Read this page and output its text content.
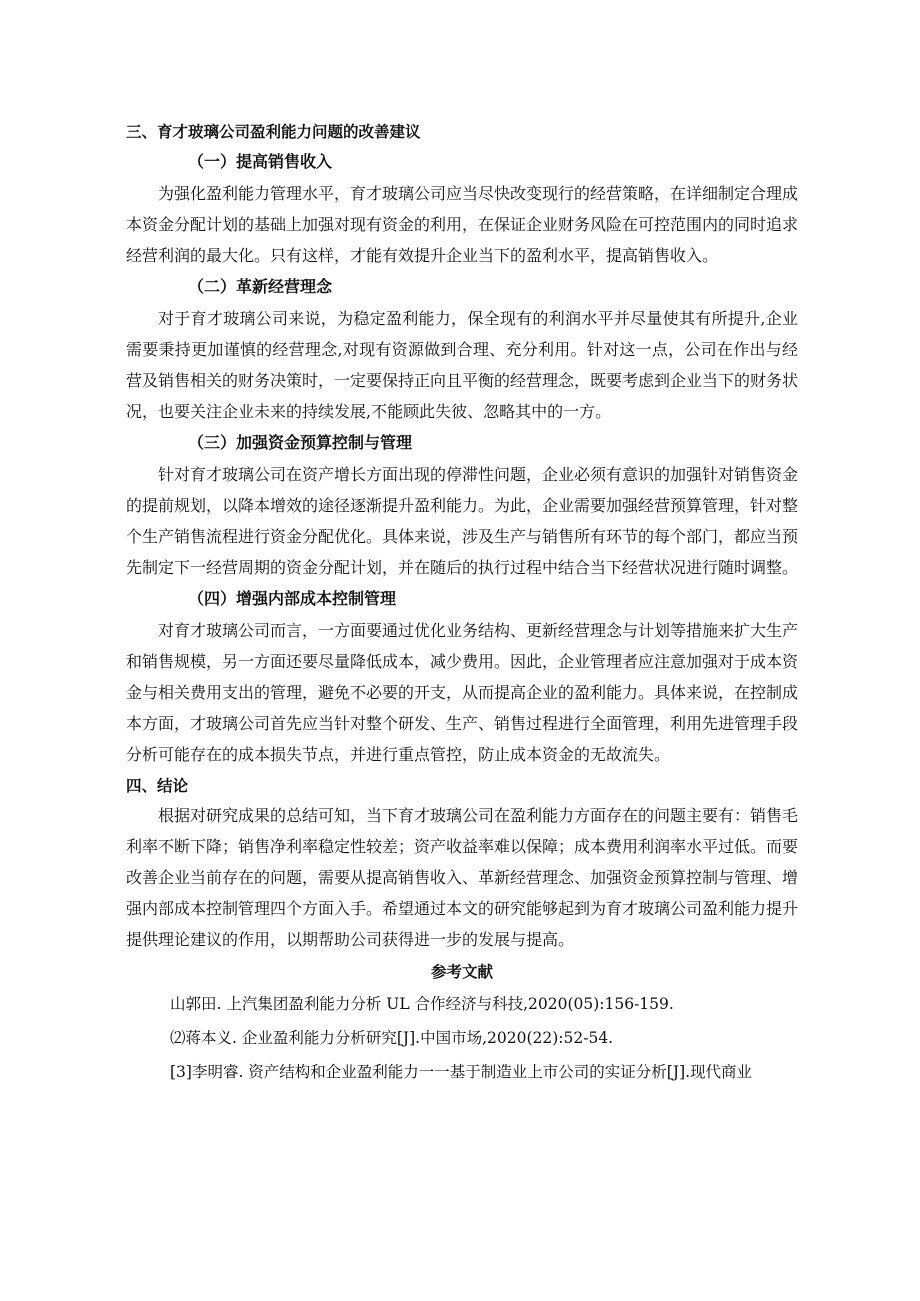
三、育才玻璃公司盈利能力问题的改善建议
（一）提高销售收入

为强化盈利能力管理水平，育才玻璃公司应当尽快改变现行的经营策略，在详细制定合理成本资金分配计划的基础上加强对现有资金的利用，在保证企业财务风险在可控范围内的同时追求经营利润的最大化。只有这样，才能有效提升企业当下的盈利水平，提高销售收入。

（二）革新经营理念

对于育才玻璃公司来说，为稳定盈利能力，保全现有的利润水平并尽量使其有所提升,企业需要秉持更加谨慎的经营理念,对现有资源做到合理、充分利用。针对这一点，公司在作出与经营及销售相关的财务决策时，一定要保持正向且平衡的经营理念，既要考虑到企业当下的财务状况，也要关注企业未来的持续发展,不能顾此失彼、忽略其中的一方。

（三）加强资金预算控制与管理

针对育才玻璃公司在资产增长方面出现的停滞性问题，企业必须有意识的加强针对销售资金的提前规划，以降本增效的途径逐渐提升盈利能力。为此，企业需要加强经营预算管理，针对整个生产销售流程进行资金分配优化。具体来说，涉及生产与销售所有环节的每个部门，都应当预先制定下一经营周期的资金分配计划，并在随后的执行过程中结合当下经营状况进行随时调整。

（四）增强内部成本控制管理

对育才玻璃公司而言，一方面要通过优化业务结构、更新经营理念与计划等措施来扩大生产和销售规模，另一方面还要尽量降低成本，减少费用。因此，企业管理者应注意加强对于成本资金与相关费用支出的管理，避免不必要的开支，从而提高企业的盈利能力。具体来说，在控制成本方面，才玻璃公司首先应当针对整个研发、生产、销售过程进行全面管理，利用先进管理手段分析可能存在的成本损失节点，并进行重点管控，防止成本资金的无故流失。

四、结论

根据对研究成果的总结可知，当下育才玻璃公司在盈利能力方面存在的问题主要有：销售毛利率不断下降；销售净利率稳定性较差；资产收益率难以保障；成本费用利润率水平过低。而要改善企业当前存在的问题，需要从提高销售收入、革新经营理念、加强资金预算控制与管理、增强内部成本控制管理四个方面入手。希望通过本文的研究能够起到为育才玻璃公司盈利能力提升提供理论建议的作用，以期帮助公司获得进一步的发展与提高。

参考文献
山郭田. 上汽集团盈利能力分析 UL 合作经济与科技,2020(05):156-159.
⑵蒋本义. 企业盈利能力分析研究[J].中国市场,2020(22):52-54.
[3]李明睿. 资产结构和企业盈利能力一一基于制造业上市公司的实证分析[J].现代商业
